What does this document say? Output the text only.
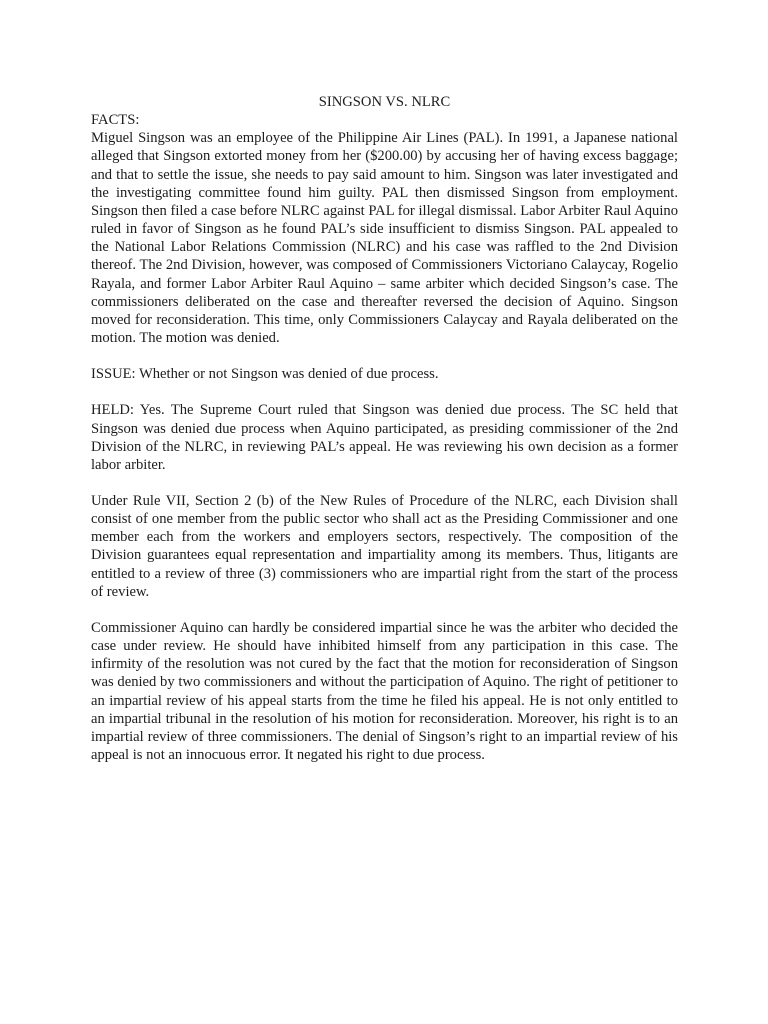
SINGSON VS. NLRC

FACTS:

Miguel Singson was an employee of the Philippine Air Lines (PAL). In 1991, a Japanese national alleged that Singson extorted money from her ($200.00) by accusing her of having excess baggage; and that to settle the issue, she needs to pay said amount to him. Singson was later investigated and the investigating committee found him guilty. PAL then dismissed Singson from employment. Singson then filed a case before NLRC against PAL for illegal dismissal. Labor Arbiter Raul Aquino ruled in favor of Singson as he found PAL’s side insufficient to dismiss Singson. PAL appealed to the National Labor Relations Commission (NLRC) and his case was raffled to the 2nd Division thereof. The 2nd Division, however, was composed of Commissioners Victoriano Calaycay, Rogelio Rayala, and former Labor Arbiter Raul Aquino – same arbiter which decided Singson’s case. The commissioners deliberated on the case and thereafter reversed the decision of Aquino. Singson moved for reconsideration. This time, only Commissioners Calaycay and Rayala deliberated on the motion. The motion was denied.

ISSUE: Whether or not Singson was denied of due process.

HELD: Yes. The Supreme Court ruled that Singson was denied due process. The SC held that Singson was denied due process when Aquino participated, as presiding commissioner of the 2nd Division of the NLRC, in reviewing PAL’s appeal. He was reviewing his own decision as a former labor arbiter.

Under Rule VII, Section 2 (b) of the New Rules of Procedure of the NLRC, each Division shall consist of one member from the public sector who shall act as the Presiding Commissioner and one member each from the workers and employers sectors, respectively. The composition of the Division guarantees equal representation and impartiality among its members. Thus, litigants are entitled to a review of three (3) commissioners who are impartial right from the start of the process of review.

Commissioner Aquino can hardly be considered impartial since he was the arbiter who decided the case under review. He should have inhibited himself from any participation in this case. The infirmity of the resolution was not cured by the fact that the motion for reconsideration of Singson was denied by two commissioners and without the participation of Aquino. The right of petitioner to an impartial review of his appeal starts from the time he filed his appeal. He is not only entitled to an impartial tribunal in the resolution of his motion for reconsideration. Moreover, his right is to an impartial review of three commissioners. The denial of Singson’s right to an impartial review of his appeal is not an innocuous error. It negated his right to due process.
